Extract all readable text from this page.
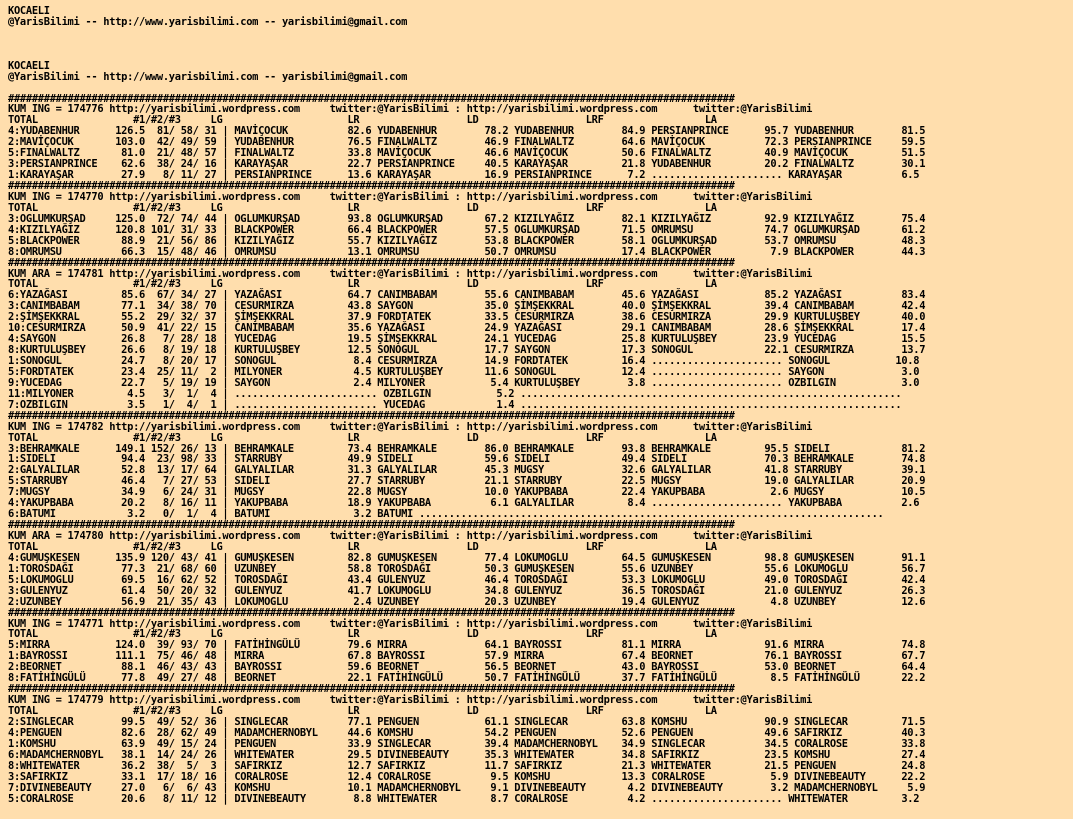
KOCAELI
@YarisBilimi -- http://www.yarisbilimi.com -- yarisbilimi@gmail.com
KOCAELI
@YarisBilimi -- http://www.yarisbilimi.com -- yarisbilimi@gmail.com
##########################################################################################################################
KUM ING = 174776 http://yarisbilimi.wordpress.com     twitter:@YarisBilimi : http://yarisbilimi.wordpress.com      twitter:@YarisBilimi
TOTAL                #1/#2/#3     LG                     LR                  LD                  LRF                 LA
4:YUDABENHUR      126.5  81/ 58/ 31 | MAVİÇOCUK          82.6 YUDABENHUR        78.2 YUDABENHUR        84.9 PERSIANPRINCE      95.7 YUDABENHUR        81.5
2:MAVİÇOCUK       103.0  42/ 49/ 59 | YUDABENHUR         76.5 FINALWALTZ        46.9 FINALWALTZ        64.6 MAVİÇOCUK          72.3 PERSIANPRINCE     59.5
5:FINALWALTZ       81.0  21/ 48/ 57 | FINALWALTZ         33.8 MAVİÇOCUK         46.6 MAVİÇOCUK         50.6 FINALWALTZ         40.9 MAVİÇOCUK         51.5
3:PERSIANPRINCE    62.6  38/ 24/ 16 | KARAYAŞAR          22.7 PERSIANPRINCE     40.5 KARAYAŞAR         21.8 YUDABENHUR         20.2 FINALWALTZ        30.1
1:KARAYAŞAR        27.9   8/ 11/ 27 | PERSIANPRINCE      13.6 KARAYAŞAR         16.9 PERSIANPRINCE      7.2 ...................... KARAYAŞAR          6.5
##########################################################################################################################
KUM ING = 174770 http://yarisbilimi.wordpress.com     twitter:@YarisBilimi : http://yarisbilimi.wordpress.com      twitter:@YarisBilimi
TOTAL                #1/#2/#3     LG                     LR                  LD                  LRF                 LA
3:OGLUMKURŞAD     125.0  72/ 74/ 44 | OGLUMKURŞAD        93.8 OGLUMKURŞAD       67.2 KIZILYAĞIZ        82.1 KIZILYAĞIZ         92.9 KIZILYAĞIZ        75.4
4:KIZILYAĞIZ      120.8 101/ 31/ 33 | BLACKPOWER         66.4 BLACKPOWER        57.5 OGLUMKURŞAD       71.5 OMRUMSU            74.7 OGLUMKURŞAD       61.2
5:BLACKPOWER       88.9  21/ 56/ 86 | KIZILYAĞIZ         55.7 KIZILYAĞIZ        53.8 BLACKPOWER        58.1 OGLUMKURŞAD        53.7 OMRUMSU           48.3
8:OMRUMSU          66.3  15/ 48/ 46 | OMRUMSU            13.1 OMRUMSU           50.7 OMRUMSU           17.4 BLACKPOWER          7.9 BLACKPOWER        44.3
##########################################################################################################################
KUM ARA = 174781 http://yarisbilimi.wordpress.com     twitter:@YarisBilimi : http://yarisbilimi.wordpress.com      twitter:@YarisBilimi
TOTAL                #1/#2/#3     LG                     LR                  LD                  LRF                 LA
6:YAZAĞASI         85.6  67/ 34/ 27 | YAZAĞASI           64.7 CANIMBABAM        55.6 CANIMBABAM        45.6 YAZAĞASI           85.2 YAZAĞASI          83.4
3:CANIMBABAM       77.1  34/ 38/ 70 | CESURMIRZA         43.8 SAYGON            35.0 ŞİMŞEKKRAL        40.0 ŞİMŞEKKRAL         39.4 CANIMBABAM        42.4
2:ŞİMŞEKKRAL       55.2  29/ 32/ 37 | ŞİMŞEKKRAL         37.9 FORDTATEK         33.5 CESURMIRZA        38.6 CESURMIRZA         29.9 KURTULUŞBEY       40.0
10:CESURMIRZA      50.9  41/ 22/ 15 | CANIMBABAM         35.6 YAZAĞASI          24.9 YAZAĞASI          29.1 CANIMBABAM         28.6 ŞİMŞEKKRAL        17.4
4:SAYGON           26.8   7/ 28/ 18 | YUCEDAG            19.5 ŞİMŞEKKRAL        24.1 YUCEDAG           25.8 KURTULUŞBEY        23.9 YUCEDAG           15.5
8:KURTULUŞBEY      26.6   8/ 19/ 18 | KURTULUŞBEY        12.5 SONOGUL           17.7 SAYGON            17.3 SONOGUL            22.1 CESURMIRZA        13.7
1:SONOGUL          24.7   8/ 20/ 17 | SONOGUL             8.4 CESURMIRZA        14.9 FORDTATEK         16.4 ...................... SONOGUL           10.8
5:FORDTATEK        23.4  25/ 11/  2 | MILYONER            4.5 KURTULUŞBEY       11.6 SONOGUL           12.4 ...................... SAYGON             3.0
9:YUCEDAG          22.7   5/ 19/ 19 | SAYGON              2.4 MILYONER           5.4 KURTULUŞBEY        3.8 ...................... OZBILGIN           3.0
11:MILYONER         4.5   3/  1/  4 | ........................ OZBILGIN           5.2 ................................................................
7:OZBILGIN          3.5   1/  4/  1 | ........................ YUCEDAG            1.4 ................................................................
##########################################################################################################################
KUM ING = 174782 http://yarisbilimi.wordpress.com     twitter:@YarisBilimi : http://yarisbilimi.wordpress.com      twitter:@YarisBilimi
TOTAL                #1/#2/#3     LG                     LR                  LD                  LRF                 LA
3:BEHRAMKALE      149.1 152/ 26/ 13 | BEHRAMKALE         73.4 BEHRAMKALE        86.0 BEHRAMKALE        93.8 BEHRAMKALE         95.5 SIDELI            81.2
1:SIDELI           94.4  23/ 98/ 33 | STARRUBY           49.9 SIDELI            59.6 SIDELI            49.4 SIDELI             70.3 BEHRAMKALE        74.8
2:GALYALILAR       52.8  13/ 17/ 64 | GALYALILAR         31.3 GALYALILAR        45.3 MUGSY             32.6 GALYALILAR         41.8 STARRUBY          39.1
5:STARRUBY         46.4   7/ 27/ 53 | SIDELI             27.7 STARRUBY          21.1 STARRUBY          22.5 MUGSY              19.0 GALYALILAR        20.9
7:MUGSY            34.9   6/ 24/ 31 | MUGSY              22.8 MUGSY             10.0 YAKUPBABA         22.4 YAKUPBABA           2.6 MUGSY             10.5
4:YAKUPBABA        20.2   8/ 16/ 11 | YAKUPBABA          18.9 YAKUPBABA          6.1 GALYALILAR         8.4 ...................... YAKUPBABA          2.6
6:BATUMI            3.2   0/  1/  4 | BATUMI              3.2 BATUMI ..............................................................................
##########################################################################################################################
KUM ARA = 174780 http://yarisbilimi.wordpress.com     twitter:@YarisBilimi : http://yarisbilimi.wordpress.com      twitter:@YarisBilimi
TOTAL                #1/#2/#3     LG                     LR                  LD                  LRF                 LA
4:GUMUŞKESEN      135.9 120/ 43/ 41 | GUMUŞKESEN         82.8 GUMUŞKESEN        77.4 LOKUMOGLU         64.5 GUMUŞKESEN         98.8 GUMUŞKESEN        91.1
1:TOROSDAĞI        77.3  21/ 68/ 60 | UZUNBEY            58.8 TOROSDAĞI         50.3 GUMUŞKESEN        55.6 UZUNBEY            55.6 LOKUMOGLU         56.7
5:LOKUMOGLU        69.5  16/ 62/ 52 | TOROSDAĞI          43.4 GULENYUZ          46.4 TOROSDAĞI         53.3 LOKUMOGLU          49.0 TOROSDAĞI         42.4
3:GULENYUZ         61.4  50/ 20/ 32 | GULENYUZ           41.7 LOKUMOGLU         34.8 GULENYUZ          36.5 TOROSDAĞI          21.0 GULENYUZ          26.3
2:UZUNBEY          56.9  21/ 35/ 43 | LOKUMOGLU           2.4 UZUNBEY           20.3 UZUNBEY           19.4 GULENYUZ            4.8 UZUNBEY           12.6
##########################################################################################################################
KUM ING = 174771 http://yarisbilimi.wordpress.com     twitter:@YarisBilimi : http://yarisbilimi.wordpress.com      twitter:@YarisBilimi
TOTAL                #1/#2/#3     LG                     LR                  LD                  LRF                 LA
5:MIRRA           124.0  39/ 93/ 70 | FATİHİNGÜLÜ        79.6 MIRRA             64.1 BAYROSSI          81.1 MIRRA              91.6 MIRRA             74.8
1:BAYROSSI        111.1  75/ 46/ 48 | MIRRA              67.8 BAYROSSI          57.9 MIRRA             67.4 BEORNET            76.1 BAYROSSI          67.7
2:BEORNET          88.1  46/ 43/ 43 | BAYROSSI           59.6 BEORNET           56.5 BEORNET           43.0 BAYROSSI           53.0 BEORNET           64.4
8:FATİHİNGÜLÜ      77.8  49/ 27/ 48 | BEORNET            22.1 FATİHİNGÜLÜ       50.7 FATİHİNGÜLÜ       37.7 FATİHİNGÜLÜ         8.5 FATİHİNGÜLÜ       22.2
##########################################################################################################################
KUM ING = 174779 http://yarisbilimi.wordpress.com     twitter:@YarisBilimi : http://yarisbilimi.wordpress.com      twitter:@YarisBilimi
TOTAL                #1/#2/#3     LG                     LR                  LD                  LRF                 LA
2:SINGLECAR        99.5  49/ 52/ 36 | SINGLECAR          77.1 PENGUEN           61.1 SINGLECAR         63.8 KOMSHU             90.9 SINGLECAR         71.5
4:PENGUEN          82.6  28/ 62/ 49 | MADAMCHERNOBYL     44.6 KOMSHU            54.2 PENGUEN           52.6 PENGUEN            49.6 SAFIRKIZ          40.3
1:KOMSHU           63.9  49/ 15/ 24 | PENGUEN            33.9 SINGLECAR         39.4 MADAMCHERNOBYL    34.9 SINGLECAR          34.5 CORALROSE         33.8
6:MADAMCHERNOBYL   38.1  14/ 24/ 26 | WHITEWATER         29.5 DIVINEBEAUTY      35.3 WHITEWATER        34.8 SAFIRKIZ           23.5 KOMSHU            27.4
8:WHITEWATER       36.2  38/  5/  3 | SAFIRKIZ           12.7 SAFIRKIZ          11.7 SAFIRKIZ          21.3 WHITEWATER         21.5 PENGUEN           24.8
3:SAFIRKIZ         33.1  17/ 18/ 16 | CORALROSE          12.4 CORALROSE          9.5 KOMSHU            13.3 CORALROSE           5.9 DIVINEBEAUTY      22.2
7:DIVINEBEAUTY     27.0   6/  6/ 43 | KOMSHU             10.1 MADAMCHERNOBYL     9.1 DIVINEBEAUTY       4.2 DIVINEBEAUTY        3.2 MADAMCHERNOBYL     5.9
5:CORALROSE        20.6   8/ 11/ 12 | DIVINEBEAUTY        8.8 WHITEWATER         8.7 CORALROSE          4.2 ...................... WHITEWATER         3.2
